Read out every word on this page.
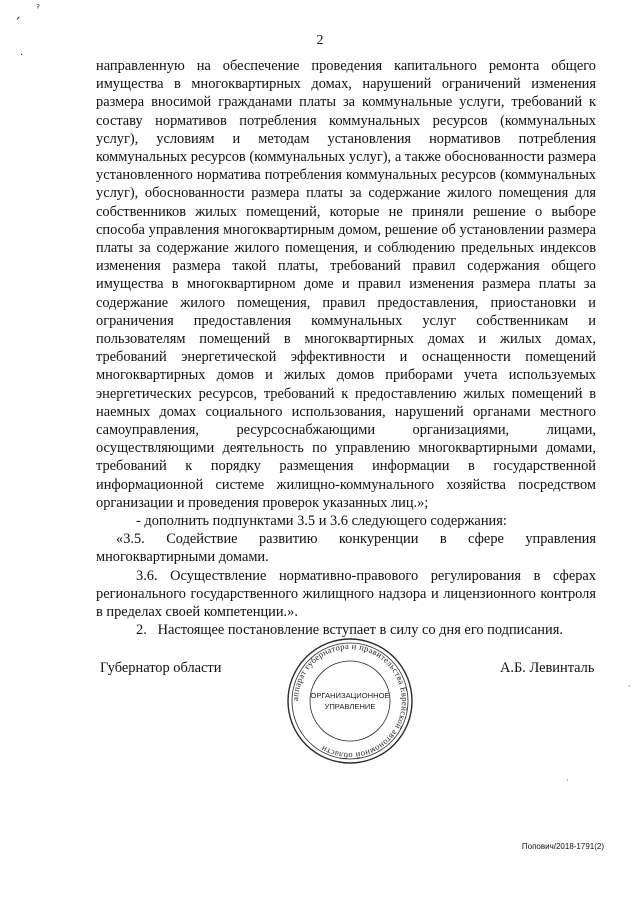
2
ˏ ˀ
·

направленную на обеспечение проведения капитального ремонта общего имущества в многоквартирных домах, нарушений ограничений изменения размера вносимой гражданами платы за коммунальные услуги, требований к составу нормативов потребления коммунальных ресурсов (коммунальных услуг), условиям и методам установления нормативов потребления коммунальных ресурсов (коммунальных услуг), а также обоснованности размера установленного норматива потребления коммунальных ресурсов (коммунальных услуг), обоснованности размера платы за содержание жилого помещения для собственников жилых помещений, которые не приняли решение о выборе способа управления многоквартирным домом, решение об установлении размера платы за содержание жилого помещения, и соблюдению предельных индексов изменения размера такой платы, требований правил содержания общего имущества в многоквартирном доме и правил изменения размера платы за содержание жилого помещения, правил предоставления, приостановки и ограничения предоставления коммунальных услуг собственникам и пользователям помещений в многоквартирных домах и жилых домах, требований энергетической эффективности и оснащенности помещений многоквартирных домов и жилых домов приборами учета используемых энергетических ресурсов, требований к предоставлению жилых помещений в наемных домах социального использования, нарушений органами местного самоуправления, ресурсоснабжающими организациями, лицами, осуществляющими деятельность по управлению многоквартирными домами, требований к порядку размещения информации в государственной информационной системе жилищно-коммунального хозяйства посредством организации и проведения проверок указанных лиц.»;

- дополнить подпунктами 3.5 и 3.6 следующего содержания:

«3.5. Содействие развитию конкуренции в сфере управления многоквартирными домами.

3.6. Осуществление нормативно-правового регулирования в сферах регионального государственного жилищного надзора и лицензионного контроля в пределах своей компетенции.».

2.   Настоящее постановление вступает в силу со дня его подписания.

Губернатор области
аппарат губернатора и правительства Еврейской автономной области
ОРГАНИЗАЦИОННОЕ
УПРАВЛЕНИЕ
А.Б. Левинталь
·
·
Попович/2018-1791(2)
